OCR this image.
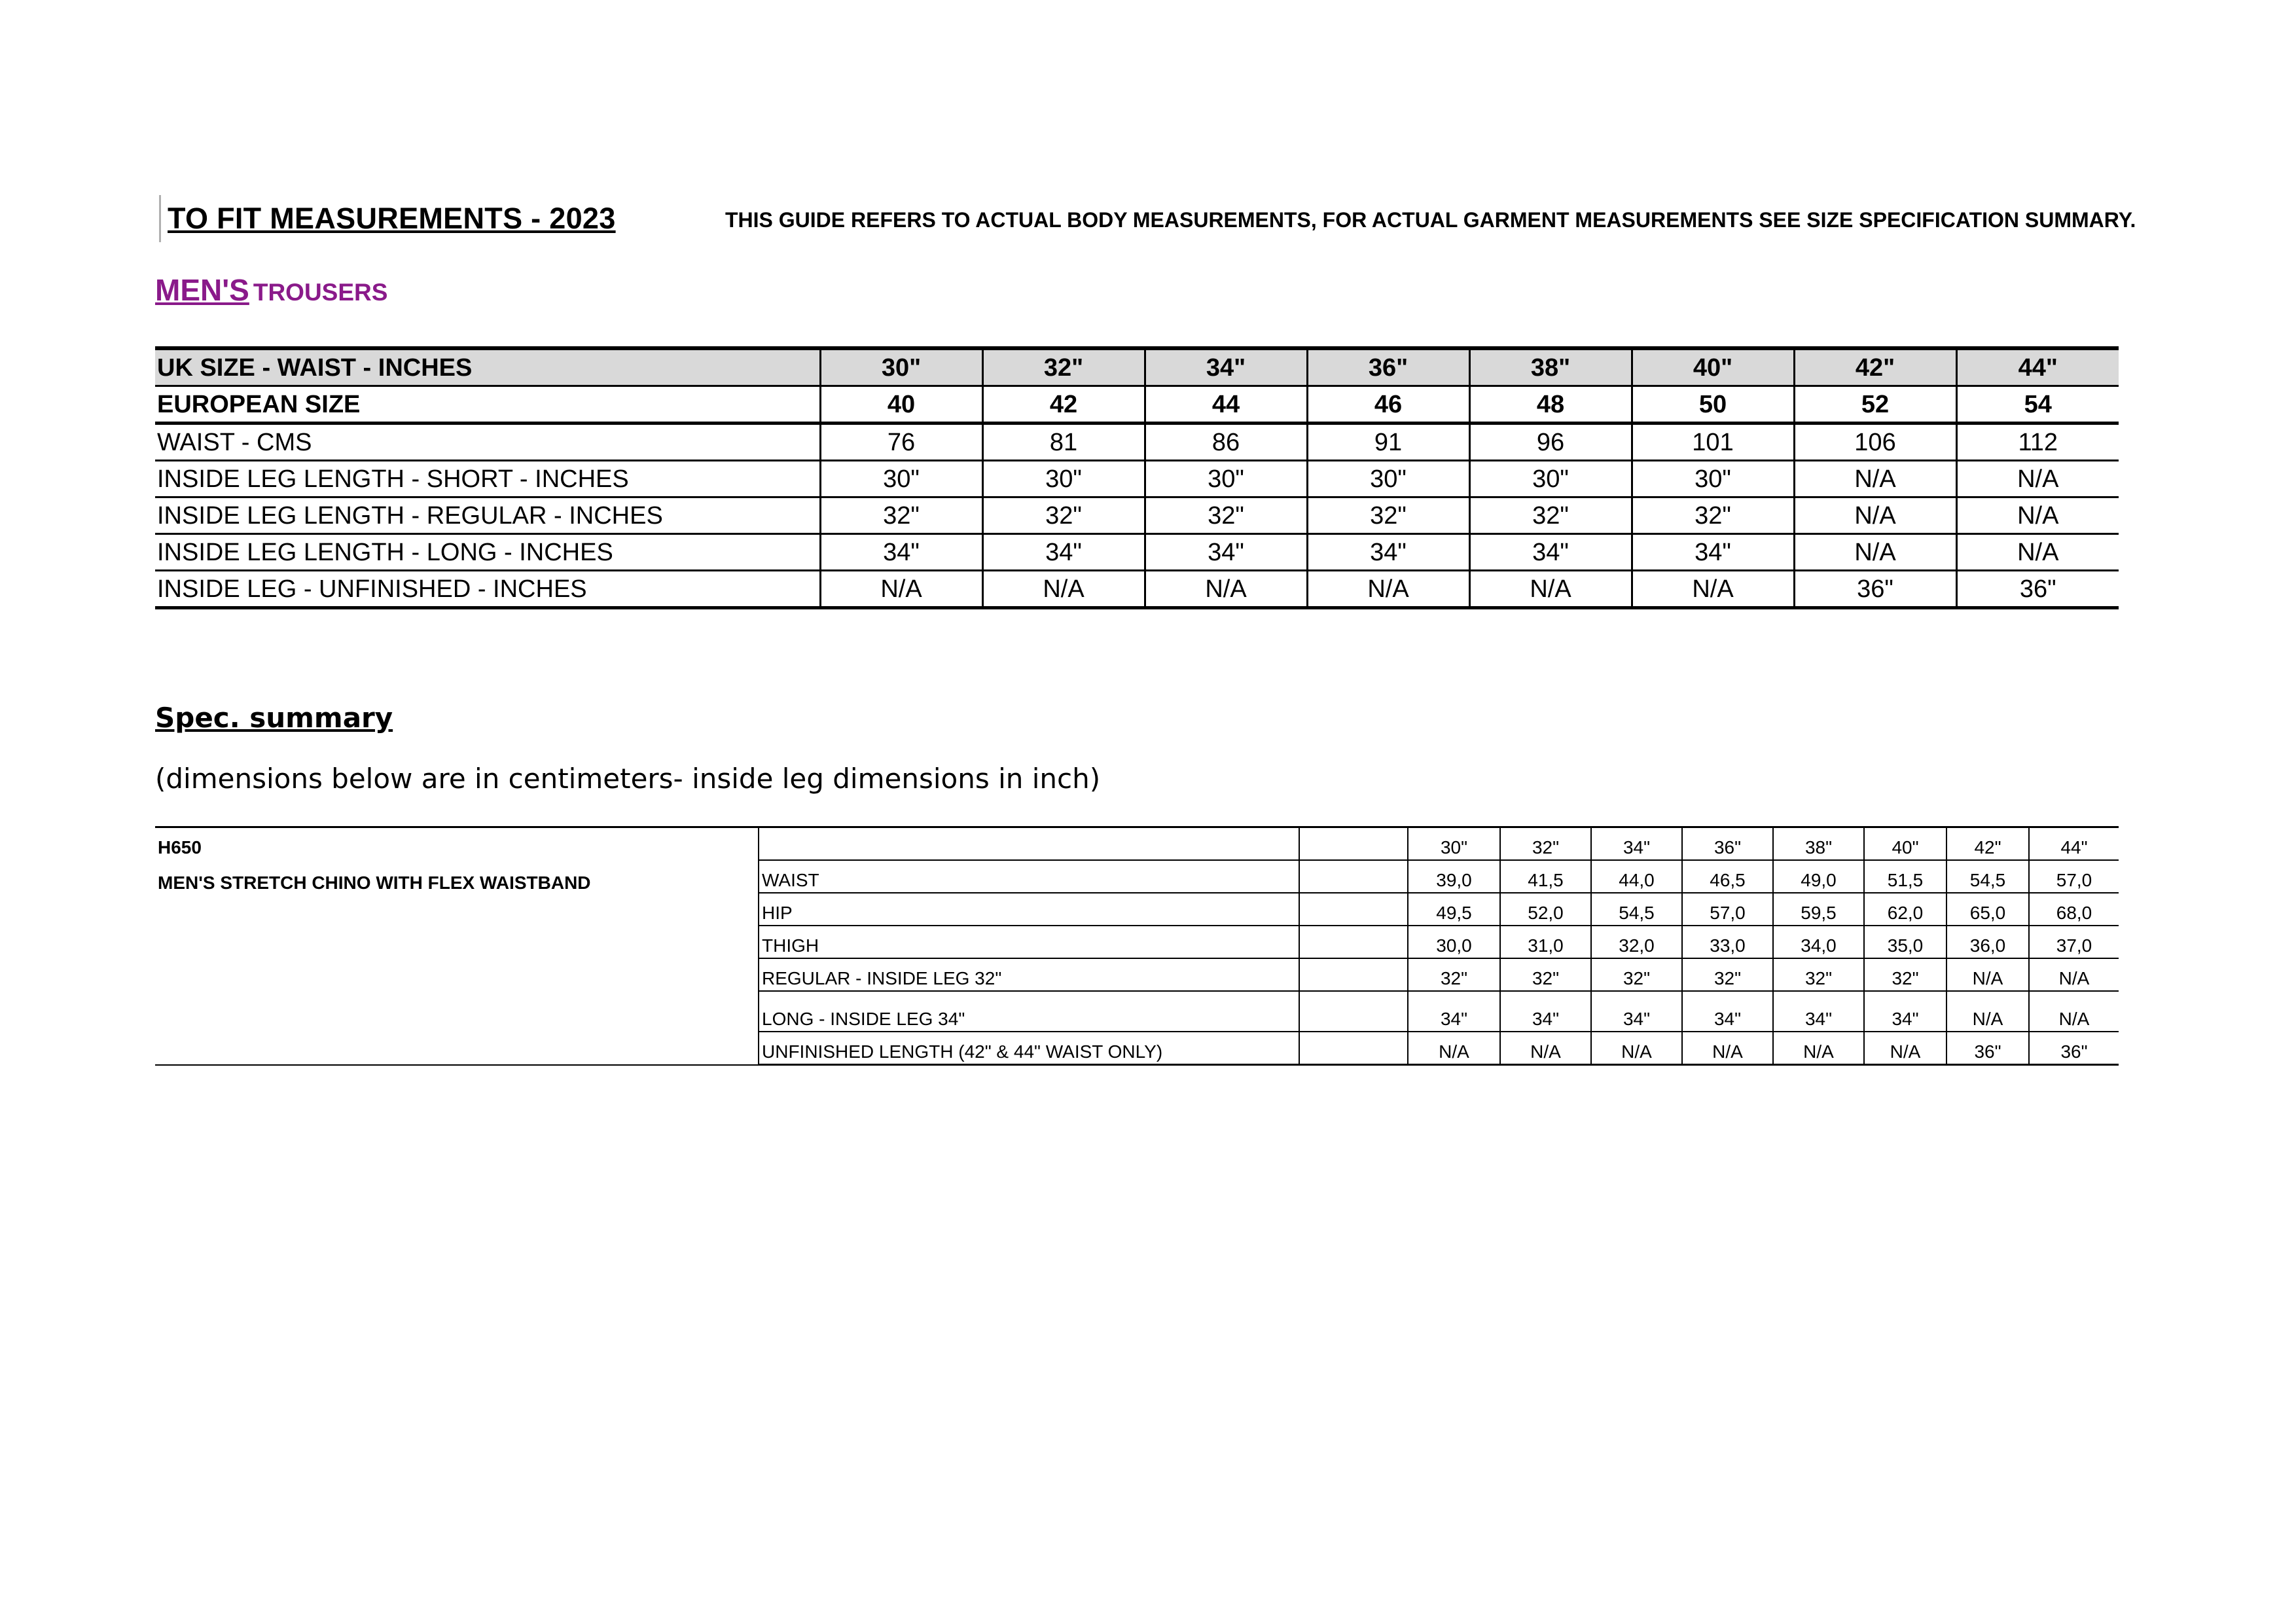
TO FIT MEASUREMENTS - 2023	THIS GUIDE REFERS TO ACTUAL BODY MEASUREMENTS, FOR ACTUAL GARMENT MEASUREMENTS SEE SIZE SPECIFICATION SUMMARY.
MEN'S TROUSERS
UK SIZE - WAIST - INCHES	30"	32"	34"	36"	38"	40"	42"	44"
EUROPEAN SIZE	40	42	44	46	48	50	52	54
WAIST - CMS	76	81	86	91	96	101	106	112
INSIDE LEG LENGTH - SHORT - INCHES	30"	30"	30"	30"	30"	30"	N/A	N/A
INSIDE LEG LENGTH - REGULAR - INCHES	32"	32"	32"	32"	32"	32"	N/A	N/A
INSIDE LEG LENGTH - LONG - INCHES	34"	34"	34"	34"	34"	34"	N/A	N/A
INSIDE LEG - UNFINISHED - INCHES	N/A	N/A	N/A	N/A	N/A	N/A	36"	36"
Spec. summary
(dimensions below are in centimeters- inside leg dimensions in inch)
H650
MEN'S STRETCH CHINO WITH FLEX WAISTBAND			30"	32"	34"	36"	38"	40"	42"	44"
	WAIST		39,0	41,5	44,0	46,5	49,0	51,5	54,5	57,0
	HIP		49,5	52,0	54,5	57,0	59,5	62,0	65,0	68,0
	THIGH		30,0	31,0	32,0	33,0	34,0	35,0	36,0	37,0
	REGULAR - INSIDE LEG 32"		32"	32"	32"	32"	32"	32"	N/A	N/A
	LONG - INSIDE LEG 34"		34"	34"	34"	34"	34"	34"	N/A	N/A
	UNFINISHED LENGTH (42" & 44" WAIST ONLY)		N/A	N/A	N/A	N/A	N/A	N/A	36"	36"
